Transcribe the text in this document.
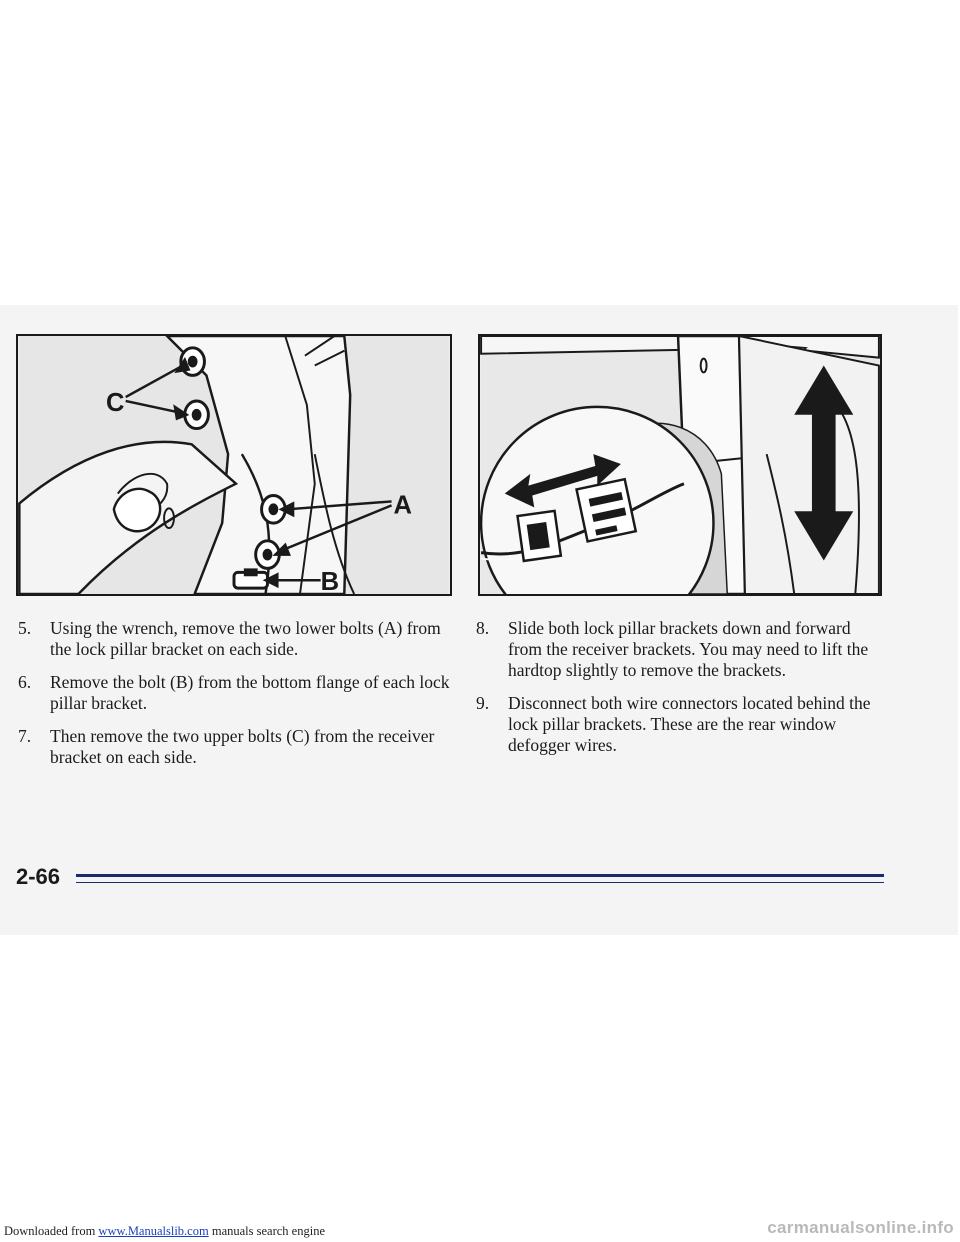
C
A
B
5. Using the wrench, remove the two lower bolts (A) from the lock pillar bracket on each side.
6. Remove the bolt (B) from the bottom flange of each lock pillar bracket.
7. Then remove the two upper bolts (C) from the receiver bracket on each side.
8. Slide both lock pillar brackets down and forward from the receiver brackets. You may need to lift the hardtop slightly to remove the brackets.
9. Disconnect both wire connectors located behind the lock pillar brackets. These are the rear window defogger wires.
2-66
Downloaded from www.Manualslib.com manuals search engine	carmanualsonline.info
